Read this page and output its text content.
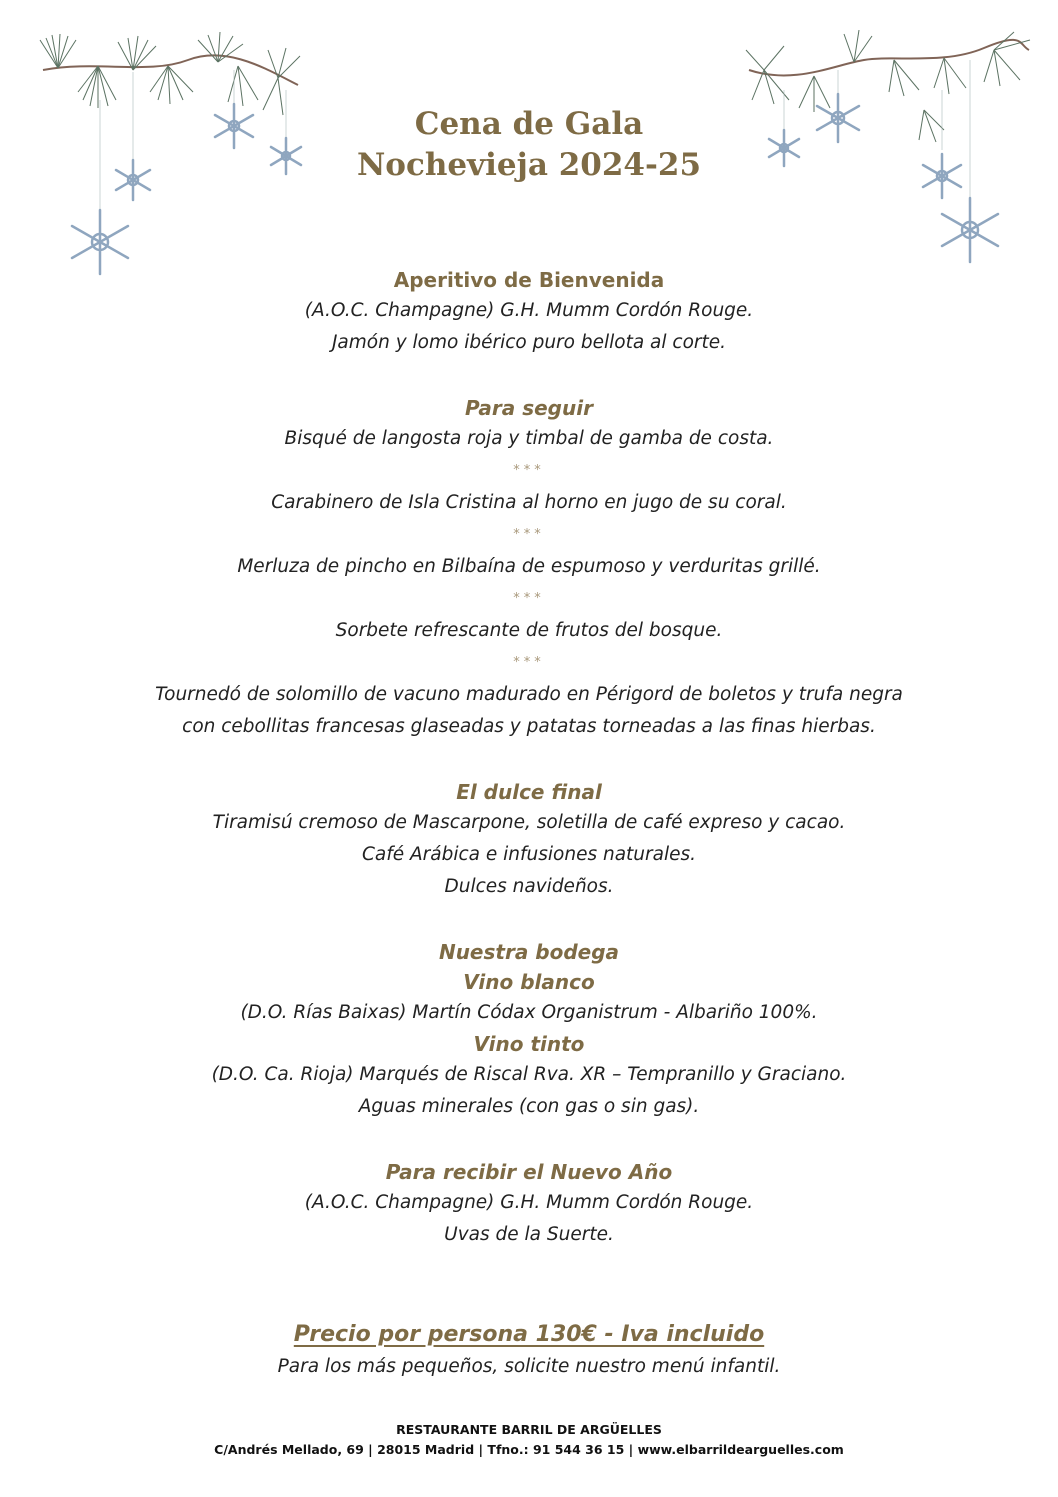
Cena de Gala
Nochevieja 2024-25
Aperitivo de Bienvenida
(A.O.C. Champagne) G.H. Mumm Cordón Rouge.
Jamón y lomo ibérico puro bellota al corte.
Para seguir
Bisqué de langosta roja y timbal de gamba de costa.
***
Carabinero de Isla Cristina al horno en jugo de su coral.
***
Merluza de pincho en Bilbaína de espumoso y verduritas grillé.
***
Sorbete refrescante de frutos del bosque.
***
Tournedó de solomillo de vacuno madurado en Périgord de boletos y trufa negra
con cebollitas francesas glaseadas y patatas torneadas a las finas hierbas.
El dulce final
Tiramisú cremoso de Mascarpone, soletilla de café expreso y cacao.
Café Arábica e infusiones naturales.
Dulces navideños.
Nuestra bodega
Vino blanco
(D.O. Rías Baixas) Martín Códax Organistrum - Albariño 100%.
Vino tinto
(D.O. Ca. Rioja) Marqués de Riscal Rva. XR – Tempranillo y Graciano.
Aguas minerales (con gas o sin gas).
Para recibir el Nuevo Año
(A.O.C. Champagne) G.H. Mumm Cordón Rouge.
Uvas de la Suerte.
Precio por persona 130€ - Iva incluido
Para los más pequeños, solicite nuestro menú infantil.
RESTAURANTE BARRIL DE ARGÜELLES
C/Andrés Mellado, 69 | 28015 Madrid | Tfno.: 91 544 36 15 | www.elbarrildearguelles.com
